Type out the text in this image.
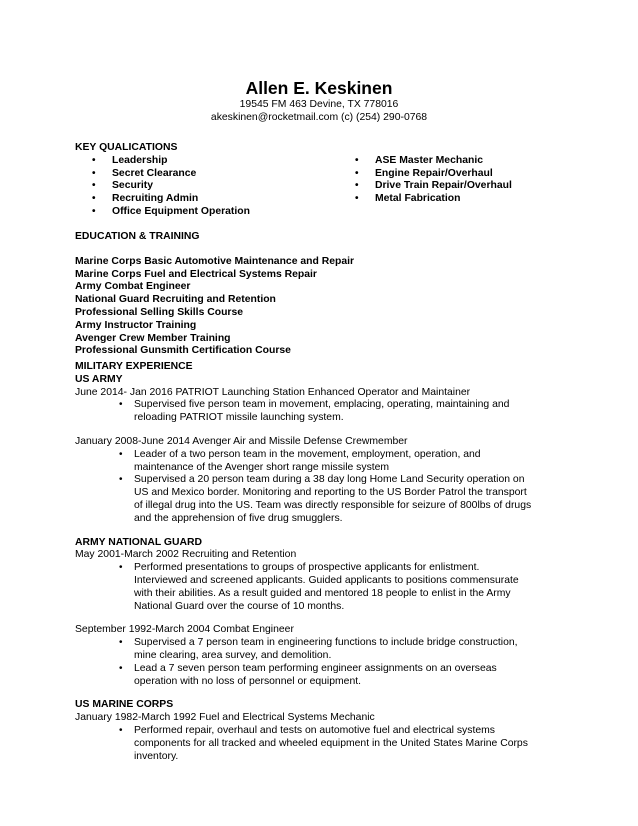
Allen E. Keskinen
19545 FM 463 Devine, TX 778016
akeskinen@rocketmail.com (c) (254) 290-0768
KEY QUALICATIONS
• Leadership
• Secret Clearance
• Security
• Recruiting Admin
• Office Equipment Operation
• ASE Master Mechanic
• Engine Repair/Overhaul
• Drive Train Repair/Overhaul
• Metal Fabrication
EDUCATION & TRAINING
Marine Corps Basic Automotive Maintenance and Repair
Marine Corps Fuel and Electrical Systems Repair
Army Combat Engineer
National Guard Recruiting and Retention
Professional Selling Skills Course
Army Instructor Training
Avenger Crew Member Training
Professional Gunsmith Certification Course
MILITARY EXPERIENCE
US ARMY
June 2014- Jan 2016 PATRIOT Launching Station Enhanced Operator and Maintainer
• Supervised five person team in movement, emplacing, operating, maintaining and reloading PATRIOT missile launching system.
January 2008-June 2014 Avenger Air and Missile Defense Crewmember
• Leader of a two person team in the movement, employment, operation, and maintenance of the Avenger short range missile system
• Supervised a 20 person team during a 38 day long Home Land Security operation on US and Mexico border. Monitoring and reporting to the US Border Patrol the transport of illegal drug into the US. Team was directly responsible for seizure of 800lbs of drugs and the apprehension of five drug smugglers.
ARMY NATIONAL GUARD
May 2001-March 2002 Recruiting and Retention
• Performed presentations to groups of prospective applicants for enlistment. Interviewed and screened applicants. Guided applicants to positions commensurate with their abilities. As a result guided and mentored 18 people to enlist in the Army National Guard over the course of 10 months.
September 1992-March 2004 Combat Engineer
• Supervised a 7 person team in engineering functions to include bridge construction, mine clearing, area survey, and demolition.
• Lead a 7 seven person team performing engineer assignments on an overseas operation with no loss of personnel or equipment.
US MARINE CORPS
January 1982-March 1992 Fuel and Electrical Systems Mechanic
• Performed repair, overhaul and tests on automotive fuel and electrical systems components for all tracked and wheeled equipment in the United States Marine Corps inventory.
